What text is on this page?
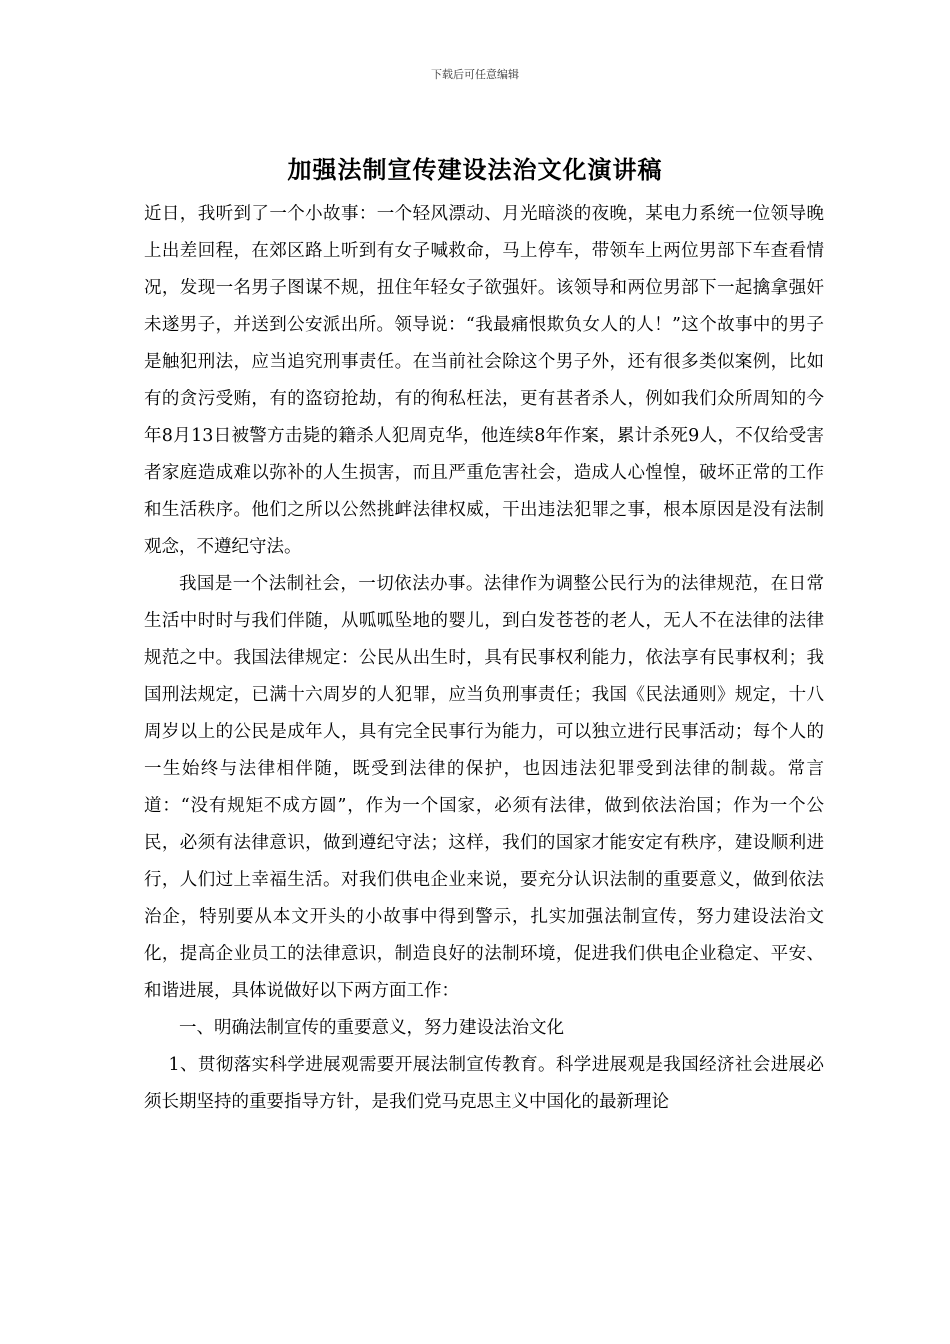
下载后可任意编辑
加强法制宣传建设法治文化演讲稿

近日，我听到了一个小故事：一个轻风漂动、月光暗淡的夜晚，某电力系统一位领导晚上出差回程，在郊区路上听到有女子喊救命，马上停车，带领车上两位男部下车查看情况，发现一名男子图谋不规，扭住年轻女子欲强奸。该领导和两位男部下一起擒拿强奸未遂男子，并送到公安派出所。领导说：“我最痛恨欺负女人的人！”这个故事中的男子是触犯刑法，应当追究刑事责任。在当前社会除这个男子外，还有很多类似案例，比如有的贪污受贿，有的盗窃抢劫，有的徇私枉法，更有甚者杀人，例如我们众所周知的今年8月13日被警方击毙的籍杀人犯周克华，他连续8年作案，累计杀死9人，不仅给受害者家庭造成难以弥补的人生损害，而且严重危害社会，造成人心惶惶，破坏正常的工作和生活秩序。他们之所以公然挑衅法律权威，干出违法犯罪之事，根本原因是没有法制观念，不遵纪守法。

我国是一个法制社会，一切依法办事。法律作为调整公民行为的法律规范，在日常生活中时时与我们伴随，从呱呱坠地的婴儿，到白发苍苍的老人，无人不在法律的法律规范之中。我国法律规定：公民从出生时，具有民事权利能力，依法享有民事权利；我国刑法规定，已满十六周岁的人犯罪，应当负刑事责任；我国《民法通则》规定，十八周岁以上的公民是成年人，具有完全民事行为能力，可以独立进行民事活动；每个人的一生始终与法律相伴随，既受到法律的保护，也因违法犯罪受到法律的制裁。常言道：“没有规矩不成方圆”，作为一个国家，必须有法律，做到依法治国；作为一个公民，必须有法律意识，做到遵纪守法；这样，我们的国家才能安定有秩序，建设顺利进行，人们过上幸福生活。对我们供电企业来说，要充分认识法制的重要意义，做到依法治企，特别要从本文开头的小故事中得到警示，扎实加强法制宣传，努力建设法治文化，提高企业员工的法律意识，制造良好的法制环境，促进我们供电企业稳定、平安、和谐进展，具体说做好以下两方面工作：

一、明确法制宣传的重要意义，努力建设法治文化

1、贯彻落实科学进展观需要开展法制宣传教育。科学进展观是我国经济社会进展必须长期坚持的重要指导方针，是我们党马克思主义中国化的最新理论
